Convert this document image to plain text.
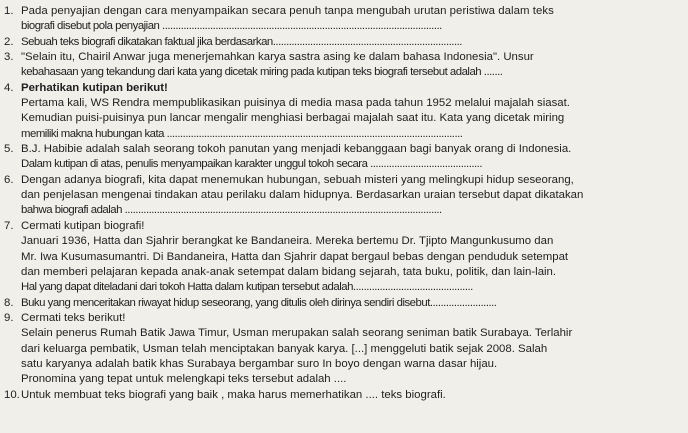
1. Pada penyajian dengan cara menyampaikan secara penuh tanpa mengubah urutan peristiwa dalam teks
biografi disebut pola penyajian .........................................................................................................
2. Sebuah teks biografi dikatakan faktual jika berdasarkan.......................................................................
3. "Selain itu, Chairil Anwar juga menerjemahkan karya sastra asing ke dalam bahasa Indonesia". Unsur
kebahasaan yang tekandung dari kata yang dicetak miring pada kutipan teks biografi tersebut adalah .......
4. Perhatikan kutipan berikut!
Pertama kali, WS Rendra mempublikasikan puisinya di media masa pada tahun 1952 melalui majalah siasat.
Kemudian puisi-puisinya pun lancar mengalir menghiasi berbagai majalah saat itu. Kata yang dicetak miring
memiliki makna hubungan kata ...............................................................................................................
5. B.J. Habibie adalah salah seorang tokoh panutan yang menjadi kebanggaan bagi banyak orang di Indonesia.
Dalam kutipan di atas, penulis menyampaikan karakter unggul tokoh secara ..........................................
6. Dengan adanya biografi, kita dapat menemukan hubungan, sebuah misteri yang melingkupi hidup seseorang,
dan penjelasan mengenai tindakan atau perilaku dalam hidupnya. Berdasarkan uraian tersebut dapat dikatakan
bahwa biografi adalah .......................................................................................................................
7. Cermati kutipan biografi!
Januari 1936, Hatta dan Sjahrir berangkat ke Bandaneira. Mereka bertemu Dr. Tjipto Mangunkusumo dan
Mr. Iwa Kusumasumantri. Di Bandaneira, Hatta dan Sjahrir dapat bergaul bebas dengan penduduk setempat
dan memberi pelajaran kepada anak-anak setempat dalam bidang sejarah, tata buku, politik, dan lain-lain.
Hal yang dapat diteladani dari tokoh Hatta dalam kutipan tersebut adalah.............................................
8. Buku yang menceritakan riwayat hidup seseorang, yang ditulis oleh dirinya sendiri disebut.........................
9. Cermati teks berikut!
Selain penerus Rumah Batik Jawa Timur, Usman merupakan salah seorang seniman batik Surabaya. Terlahir
dari keluarga pembatik, Usman telah menciptakan banyak karya. [...] menggeluti batik sejak 2008. Salah
satu karyanya adalah batik khas Surabaya bergambar suro In boyo dengan warna dasar hijau.
Pronomina yang tepat untuk melengkapi teks tersebut adalah ....
10. Untuk membuat teks biografi yang baik , maka harus memerhatikan .... teks biografi.
